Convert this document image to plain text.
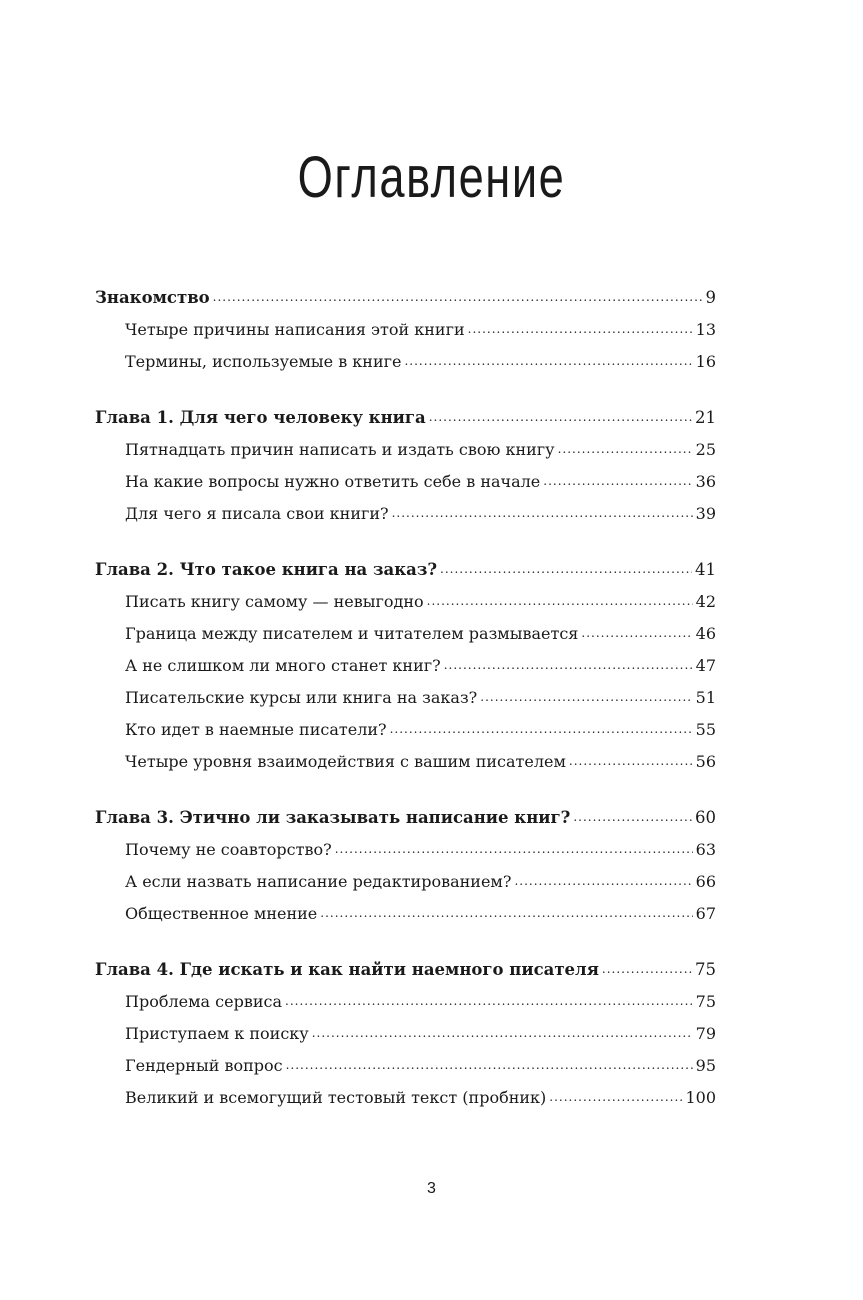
Оглавление
Знакомство .....	9
Четыре причины написания этой книги .....	13
Термины, используемые в книге .....	16
Глава 1. Для чего человеку книга .....	21
Пятнадцать причин написать и издать свою книгу .....	25
На какие вопросы нужно ответить себе в начале .....	36
Для чего я писала свои книги? .....	39
Глава 2. Что такое книга на заказ? .....	41
Писать книгу самому — невыгодно .....	42
Граница между писателем и читателем размывается .....	46
А не слишком ли много станет книг? .....	47
Писательские курсы или книга на заказ? .....	51
Кто идет в наемные писатели? .....	55
Четыре уровня взаимодействия с вашим писателем .....	56
Глава 3. Этично ли заказывать написание книг? .....	60
Почему не соавторство? .....	63
А если назвать написание редактированием? .....	66
Общественное мнение .....	67
Глава 4. Где искать и как найти наемного писателя .....	75
Проблема сервиса .....	75
Приступаем к поиску .....	79
Гендерный вопрос .....	95
Великий и всемогущий тестовый текст (пробник) .....	100
3
